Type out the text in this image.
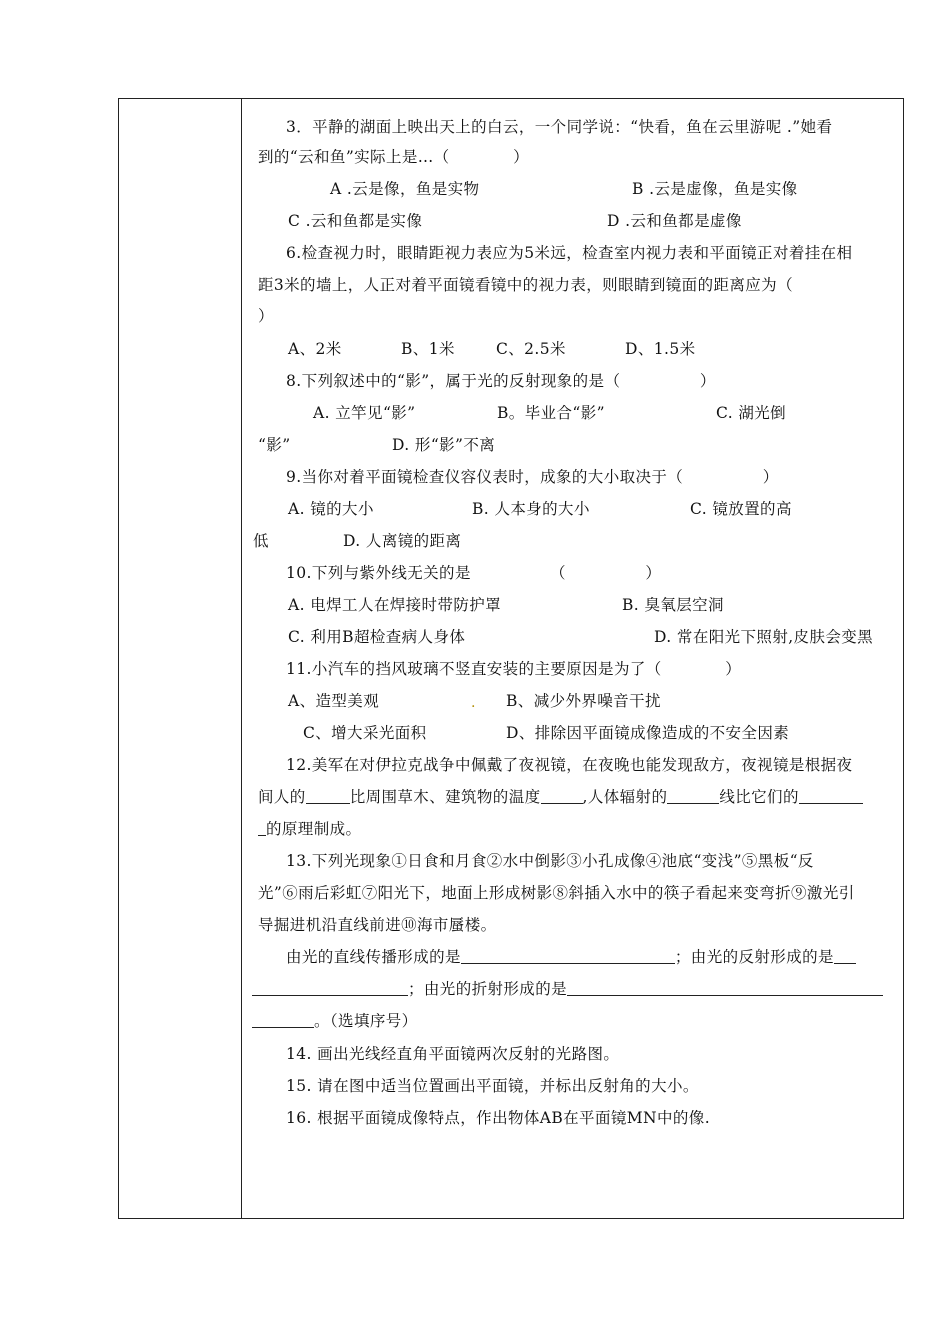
3．平静的湖面上映出天上的白云，一个同学说：“快看，鱼在云里游呢 .”她看
到的“云和鱼”实际上是…（　　　　）
A .云是像，鱼是实物	B .云是虚像，鱼是实像
C .云和鱼都是实像	D .云和鱼都是虚像
6.检查视力时，眼睛距视力表应为5米远，检查室内视力表和平面镜正对着挂在相
距3米的墙上，人正对着平面镜看镜中的视力表，则眼睛到镜面的距离应为（
）
A、2米	B、1米	C、2.5米	D、1.5米
8.下列叙述中的“影”，属于光的反射现象的是（　　　　　）
A. 立竿见“影”	B。毕业合“影”	C. 湖光倒
“影”	D. 形“影”不离
9.当你对着平面镜检查仪容仪表时，成象的大小取决于（　　　　　）
A. 镜的大小	B. 人本身的大小	C. 镜放置的高
低	D. 人离镜的距离
10.下列与紫外线无关的是	（　　　　　）
A. 电焊工人在焊接时带防护罩	B. 臭氧层空洞
C. 利用B超检查病人身体	D. 常在阳光下照射,皮肤会变黑
11.小汽车的挡风玻璃不竖直安装的主要原因是为了（　　　　）
A、造型美观	. B、减少外界噪音干扰
C、增大采光面积	D、排除因平面镜成像造成的不安全因素
12.美军在对伊拉克战争中佩戴了夜视镜，在夜晚也能发现敌方，夜视镜是根据夜
间人的	比周围草木、建筑物的温度	,人体辐射的	线比它们的
的原理制成。
13.下列光现象①日食和月食②水中倒影③小孔成像④池底“变浅”⑤黑板“反
光”⑥雨后彩虹⑦阳光下，地面上形成树影⑧斜插入水中的筷子看起来变弯折⑨激光引
导掘进机沿直线前进⑩海市蜃楼。
由光的直线传播形成的是	；由光的反射形成的是
；由光的折射形成的是
。（选填序号）
14. 画出光线经直角平面镜两次反射的光路图。
15. 请在图中适当位置画出平面镜，并标出反射角的大小。
16. 根据平面镜成像特点，作出物体AB在平面镜MN中的像.
